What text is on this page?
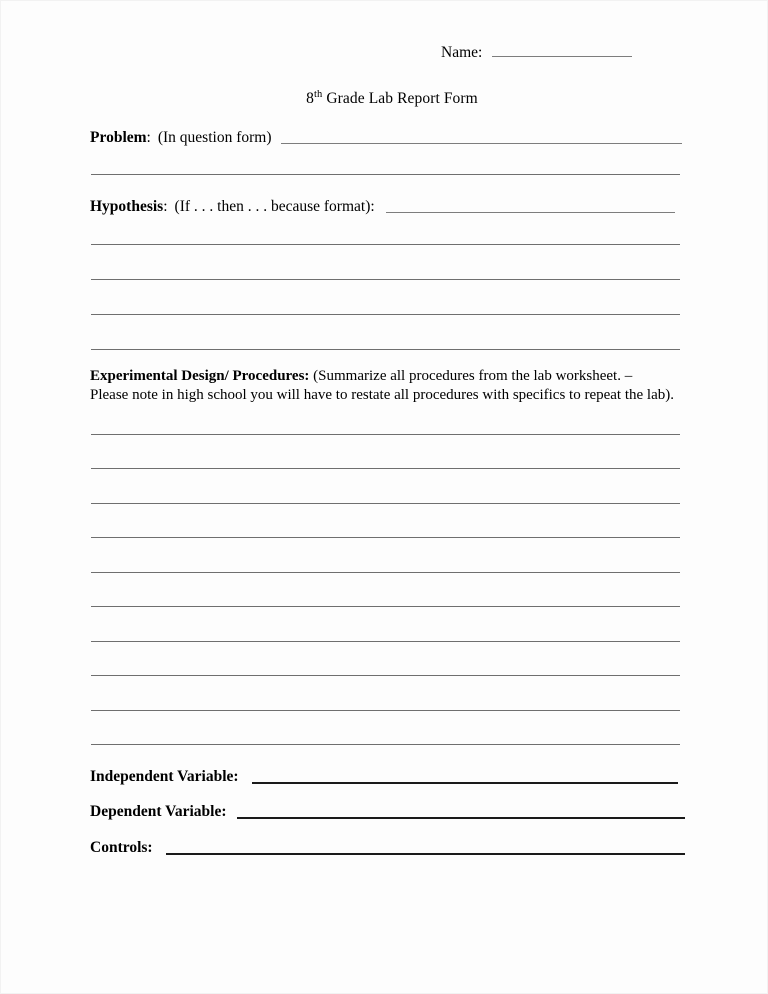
Name:
8th Grade Lab Report Form
Problem : (In question form)
Hypothesis : (If . . . then . . . because format):
Experimental Design/ Procedures: (Summarize all procedures from the lab worksheet. –
Please note in high school you will have to restate all procedures with specifics to repeat the lab).
Independent Variable:
Dependent Variable:
Controls:
